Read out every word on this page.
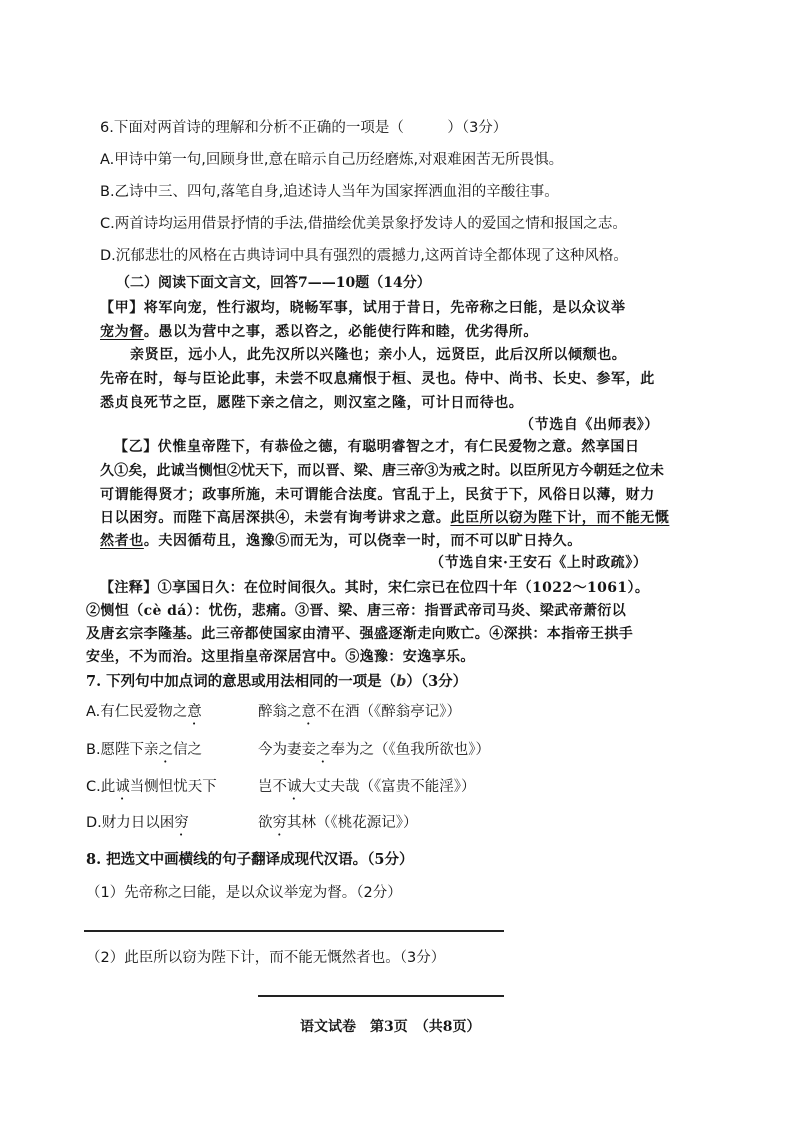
6.下面对两首诗的理解和分析不正确的一项是（　　　）（3分）
A.甲诗中第一句,回顾身世,意在暗示自己历经磨炼,对艰难困苦无所畏惧。
B.乙诗中三、四句,落笔自身,追述诗人当年为国家挥洒血泪的辛酸往事。
C.两首诗均运用借景抒情的手法,借描绘优美景象抒发诗人的爱国之情和报国之志。
D.沉郁悲壮的风格在古典诗词中具有强烈的震撼力,这两首诗全都体现了这种风格。
（二）阅读下面文言文，回答7——10题（14分）
【甲】将军向宠，性行淑均，晓畅军事，试用于昔日，先帝称之曰能，是以众议举
宠为督。愚以为营中之事，悉以咨之，必能使行阵和睦，优劣得所。
亲贤臣，远小人，此先汉所以兴隆也；亲小人，远贤臣，此后汉所以倾颓也。
先帝在时，每与臣论此事，未尝不叹息痛恨于桓、灵也。侍中、尚书、长史、参军，此
悉贞良死节之臣，愿陛下亲之信之，则汉室之隆，可计日而待也。
（节选自《出师表》）
【乙】伏惟皇帝陛下，有恭俭之德，有聪明睿智之才，有仁民爱物之意。然享国日
久①矣，此诚当恻怛②忧天下，而以晋、梁、唐三帝③为戒之时。以臣所见方今朝廷之位未
可谓能得贤才；政事所施，未可谓能合法度。官乱于上，民贫于下，风俗日以薄，财力
日以困穷。而陛下高居深拱④，未尝有询考讲求之意。此臣所以窃为陛下计，而不能无慨
然者也。夫因循苟且，逸豫⑤而无为，可以侥幸一时，而不可以旷日持久。
（节选自宋·王安石《上时政疏》）
【注释】①享国日久：在位时间很久。其时，宋仁宗已在位四十年（1022～1061）。
②恻怛（cè dá）：忧伤，悲痛。③晋、梁、唐三帝：指晋武帝司马炎、梁武帝萧衍以
及唐玄宗李隆基。此三帝都使国家由清平、强盛逐渐走向败亡。④深拱：本指帝王拱手
安坐，不为而治。这里指皇帝深居宫中。⑤逸豫：安逸享乐。
7. 下列句中加点词的意思或用法相同的一项是（b）（3分）
A.有仁民爱物之意	醉翁之意不在酒（《醉翁亭记》）
B.愿陛下亲之信之	今为妻妾之奉为之（《鱼我所欲也》）
C.此诚当恻怛忧天下	岂不诚大丈夫哉（《富贵不能淫》）
D.财力日以困穷	欲穷其林（《桃花源记》）
8. 把选文中画横线的句子翻译成现代汉语。（5分）
（1）先帝称之曰能，是以众议举宠为督。（2分）
（2）此臣所以窃为陛下计，而不能无慨然者也。（3分）
语文试卷　第3页　（共8页）
